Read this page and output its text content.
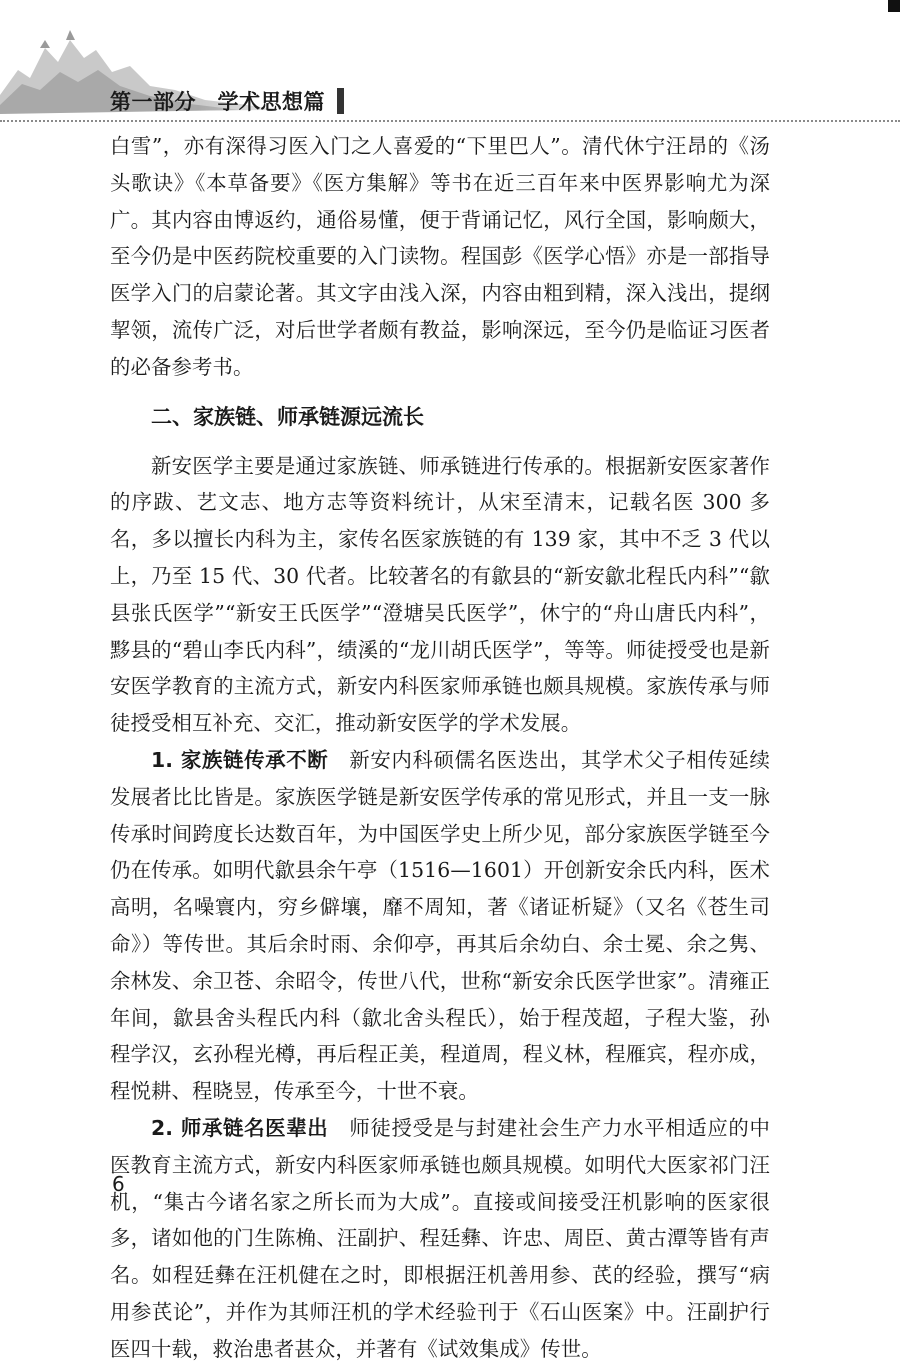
第一部分　学术思想篇

白雪”，亦有深得习医入门之人喜爱的“下里巴人”。清代休宁汪昂的《汤头歌诀》《本草备要》《医方集解》等书在近三百年来中医界影响尤为深广。其内容由博返约，通俗易懂，便于背诵记忆，风行全国，影响颇大，至今仍是中医药院校重要的入门读物。程国彭《医学心悟》亦是一部指导医学入门的启蒙论著。其文字由浅入深，内容由粗到精，深入浅出，提纲挈领，流传广泛，对后世学者颇有教益，影响深远，至今仍是临证习医者的必备参考书。

二、家族链、师承链源远流长

新安医学主要是通过家族链、师承链进行传承的。根据新安医家著作的序跋、艺文志、地方志等资料统计，从宋至清末，记载名医 300 多名，多以擅长内科为主，家传名医家族链的有 139 家，其中不乏 3 代以上，乃至 15 代、30 代者。比较著名的有歙县的“新安歙北程氏内科”“歙县张氏医学”“新安王氏医学”“澄塘吴氏医学”，休宁的“舟山唐氏内科”，黟县的“碧山李氏内科”，绩溪的“龙川胡氏医学”，等等。师徒授受也是新安医学教育的主流方式，新安内科医家师承链也颇具规模。家族传承与师徒授受相互补充、交汇，推动新安医学的学术发展。

1. 家族链传承不断　 新安内科硕儒名医迭出，其学术父子相传延续发展者比比皆是。家族医学链是新安医学传承的常见形式，并且一支一脉传承时间跨度长达数百年，为中国医学史上所少见，部分家族医学链至今仍在传承。如明代歙县余午亭（1516—1601）开创新安余氏内科，医术高明，名噪寰内，穷乡僻壤，靡不周知，著《诸证析疑》（又名《苍生司命》）等传世。其后余时雨、余仰亭，再其后余幼白、余士冕、余之隽、余林发、余卫苍、余昭令，传世八代，世称“新安余氏医学世家”。清雍正年间，歙县舍头程氏内科（歙北舍头程氏），始于程茂超，子程大鉴，孙程学汉，玄孙程光樽，再后程正美，程道周，程义林，程雁宾，程亦成，程悦耕、程晓昱，传承至今，十世不衰。

2. 师承链名医辈出　 师徒授受是与封建社会生产力水平相适应的中医教育主流方式，新安内科医家师承链也颇具规模。如明代大医家祁门汪机，“集古今诸名家之所长而为大成”。直接或间接受汪机影响的医家很多，诸如他的门生陈桷、汪副护、程廷彝、许忠、周臣、黄古潭等皆有声名。如程廷彝在汪机健在之时，即根据汪机善用参、芪的经验，撰写“病用参芪论”，并作为其师汪机的学术经验刊于《石山医案》中。汪副护行医四十载，救治患者甚众，并著有《试效集成》传世。

6
